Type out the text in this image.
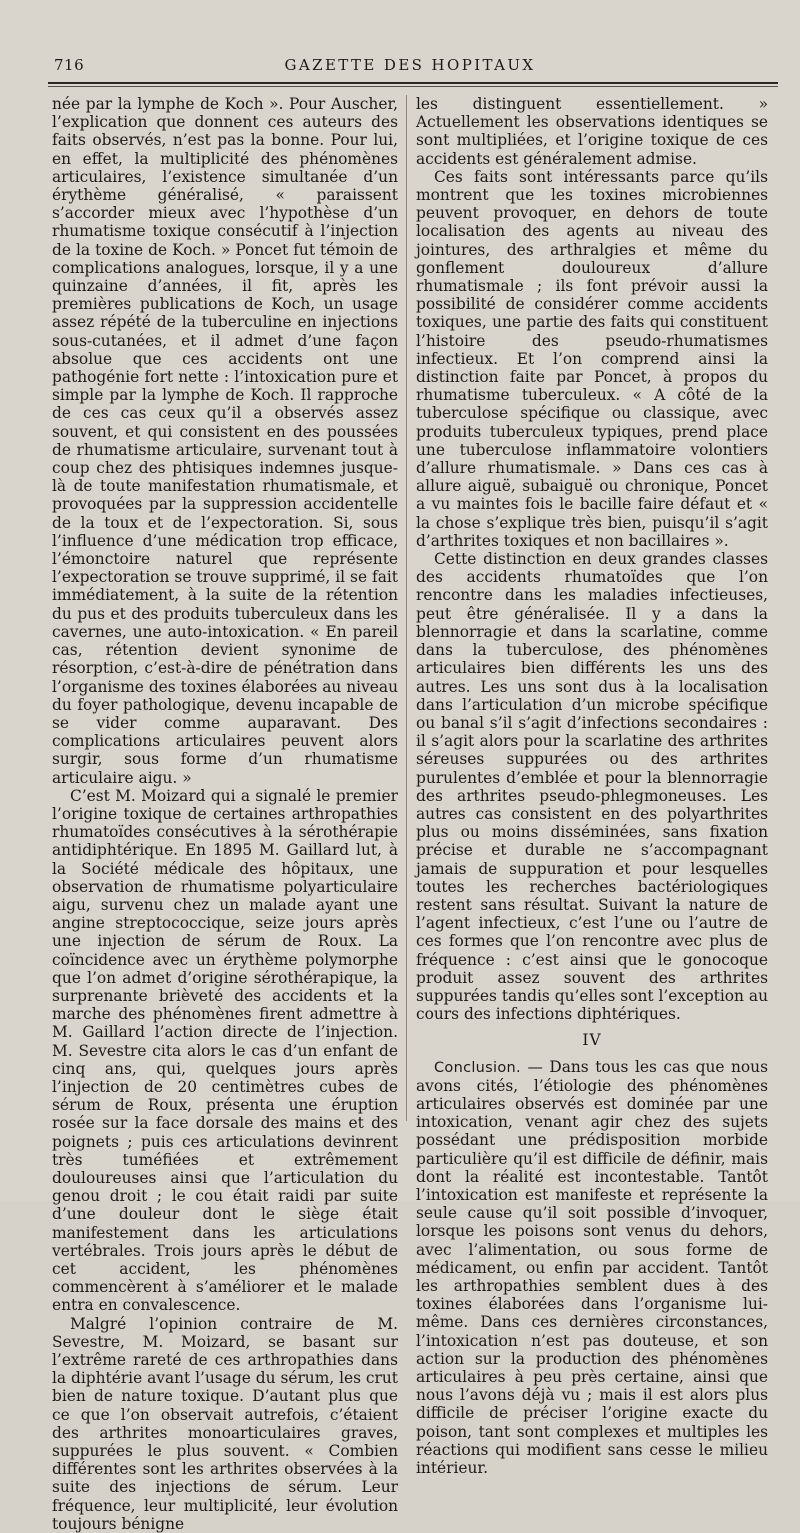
716	GAZETTE DES HOPITAUX

née par la lymphe de Koch ». Pour Auscher, l’explication que donnent ces auteurs des faits observés, n’est pas la bonne. Pour lui, en effet, la multiplicité des phénomènes articulaires, l’existence simultanée d’un érythème généralisé, « paraissent s’accorder mieux avec l’hypothèse d’un rhumatisme toxique consécutif à l’injection de la toxine de Koch. » Poncet fut témoin de complications analogues, lorsque, il y a une quinzaine d’années, il fit, après les premières publications de Koch, un usage assez répété de la tuberculine en injections sous-cutanées, et il admet d’une façon absolue que ces accidents ont une pathogénie fort nette : l’intoxication pure et simple par la lymphe de Koch. Il rapproche de ces cas ceux qu’il a observés assez souvent, et qui consistent en des poussées de rhumatisme articulaire, survenant tout à coup chez des phtisiques indemnes jusque-là de toute manifestation rhumatismale, et provoquées par la suppression accidentelle de la toux et de l’expectoration. Si, sous l’influence d’une médication trop efficace, l’émonctoire naturel que représente l’expectoration se trouve supprimé, il se fait immédiatement, à la suite de la rétention du pus et des produits tuberculeux dans les cavernes, une auto-intoxication. « En pareil cas, rétention devient synonime de résorption, c’est-à-dire de pénétration dans l’organisme des toxines élaborées au niveau du foyer pathologique, devenu incapable de se vider comme auparavant. Des complications articulaires peuvent alors surgir, sous forme d’un rhumatisme articulaire aigu. »

C’est M. Moizard qui a signalé le premier l’origine toxique de certaines arthropathies rhumatoïdes consécutives à la sérothérapie antidiphtérique. En 1895 M. Gaillard lut, à la Société médicale des hôpitaux, une observation de rhumatisme polyarticulaire aigu, survenu chez un malade ayant une angine streptococcique, seize jours après une injection de sérum de Roux. La coïncidence avec un érythème polymorphe que l’on admet d’origine sérothérapique, la surprenante brièveté des accidents et la marche des phénomènes firent admettre à M. Gaillard l’action directe de l’injection. M. Sevestre cita alors le cas d’un enfant de cinq ans, qui, quelques jours après l’injection de 20 centimètres cubes de sérum de Roux, présenta une éruption rosée sur la face dorsale des mains et des poignets ; puis ces articulations devinrent très tuméfiées et extrêmement douloureuses ainsi que l’articulation du genou droit ; le cou était raidi par suite d’une douleur dont le siège était manifestement dans les articulations vertébrales. Trois jours après le début de cet accident, les phénomènes commencèrent à s’améliorer et le malade entra en convalescence.

Malgré l’opinion contraire de M. Sevestre, M. Moizard, se basant sur l’extrême rareté de ces arthropathies dans la diphtérie avant l’usage du sérum, les crut bien de nature toxique. D’autant plus que ce que l’on observait autrefois, c’étaient des arthrites monoarticulaires graves, suppurées le plus souvent. « Combien différentes sont les arthrites observées à la suite des injections de sérum. Leur fréquence, leur multiplicité, leur évolution toujours bénigne

les distinguent essentiellement. » Actuellement les observations identiques se sont multipliées, et l’origine toxique de ces accidents est généralement admise.

Ces faits sont intéressants parce qu’ils montrent que les toxines microbiennes peuvent provoquer, en dehors de toute localisation des agents au niveau des jointures, des arthralgies et même du gonflement douloureux d’allure rhumatismale ; ils font prévoir aussi la possibilité de considérer comme accidents toxiques, une partie des faits qui constituent l’histoire des pseudo-rhumatismes infectieux. Et l’on comprend ainsi la distinction faite par Poncet, à propos du rhumatisme tuberculeux. « A côté de la tuberculose spécifique ou classique, avec produits tuberculeux typiques, prend place une tuberculose inflammatoire volontiers d’allure rhumatismale. » Dans ces cas à allure aiguë, subaiguë ou chronique, Poncet a vu maintes fois le bacille faire défaut et « la chose s’explique très bien, puisqu’il s’agit d’arthrites toxiques et non bacillaires ».

Cette distinction en deux grandes classes des accidents rhumatoïdes que l’on rencontre dans les maladies infectieuses, peut être généralisée. Il y a dans la blennorragie et dans la scarlatine, comme dans la tuberculose, des phénomènes articulaires bien différents les uns des autres. Les uns sont dus à la localisation dans l’articulation d’un microbe spécifique ou banal s’il s’agit d’infections secondaires : il s’agit alors pour la scarlatine des arthrites séreuses suppurées ou des arthrites purulentes d’emblée et pour la blennorragie des arthrites pseudo-phlegmoneuses. Les autres cas consistent en des polyarthrites plus ou moins disséminées, sans fixation précise et durable ne s’accompagnant jamais de suppuration et pour lesquelles toutes les recherches bactériologiques restent sans résultat. Suivant la nature de l’agent infectieux, c’est l’une ou l’autre de ces formes que l’on rencontre avec plus de fréquence : c’est ainsi que le gonocoque produit assez souvent des arthrites suppurées tandis qu’elles sont l’exception au cours des infections diphtériques.

IV

Conclusion. — Dans tous les cas que nous avons cités, l’étiologie des phénomènes articulaires observés est dominée par une intoxication, venant agir chez des sujets possédant une prédisposition morbide particulière qu’il est difficile de définir, mais dont la réalité est incontestable. Tantôt l’intoxication est manifeste et représente la seule cause qu’il soit possible d’invoquer, lorsque les poisons sont venus du dehors, avec l’alimentation, ou sous forme de médicament, ou enfin par accident. Tantôt les arthropathies semblent dues à des toxines élaborées dans l’organisme lui-même. Dans ces dernières circonstances, l’intoxication n’est pas douteuse, et son action sur la production des phénomènes articulaires à peu près certaine, ainsi que nous l’avons déjà vu ; mais il est alors plus difficile de préciser l’origine exacte du poison, tant sont complexes et multiples les réactions qui modifient sans cesse le milieu intérieur.
